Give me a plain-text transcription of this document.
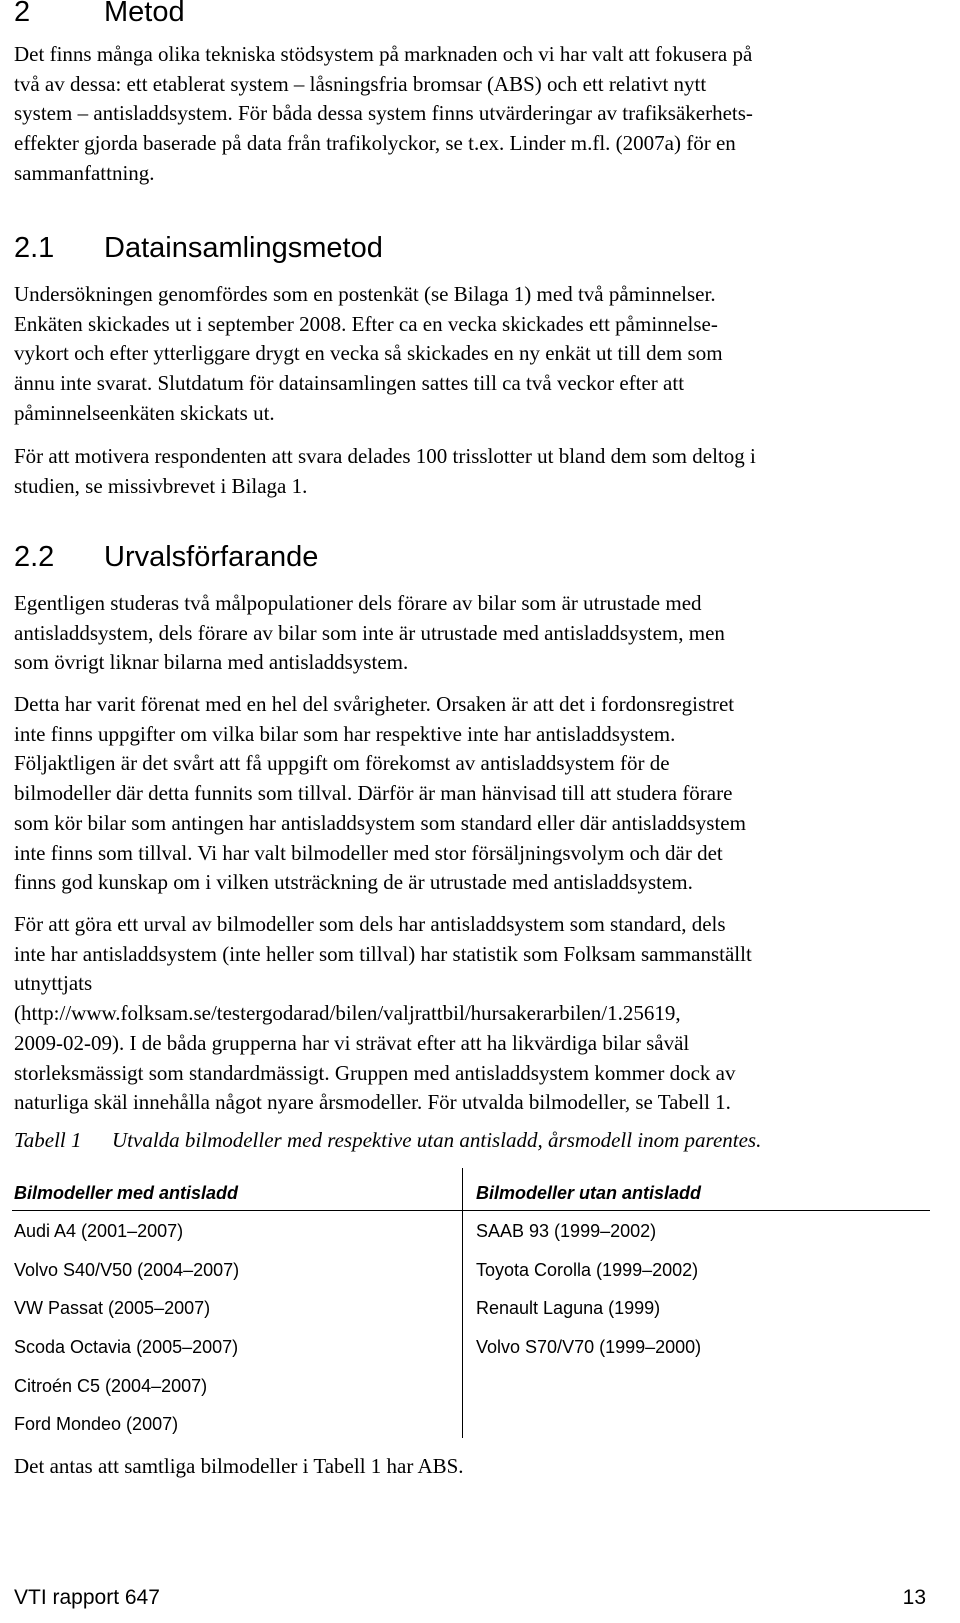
2	Metod

Det finns många olika tekniska stödsystem på marknaden och vi har valt att fokusera på
två av dessa: ett etablerat system – låsningsfria bromsar (ABS) och ett relativt nytt
system – antisladdsystem. För båda dessa system finns utvärderingar av trafiksäkerhets-
effekter gjorda baserade på data från trafikolyckor, se t.ex. Linder m.fl. (2007a) för en
sammanfattning.

2.1 Datainsamlingsmetod

Undersökningen genomfördes som en postenkät (se Bilaga 1) med två påminnelser.
Enkäten skickades ut i september 2008. Efter ca en vecka skickades ett påminnelse-
vykort och efter ytterliggare drygt en vecka så skickades en ny enkät ut till dem som
ännu inte svarat. Slutdatum för datainsamlingen sattes till ca två veckor efter att
påminnelseenkäten skickats ut.

För att motivera respondenten att svara delades 100 trisslotter ut bland dem som deltog i
studien, se missivbrevet i Bilaga 1.

2.2 Urvalsförfarande

Egentligen studeras två målpopulationer dels förare av bilar som är utrustade med
antisladdsystem, dels förare av bilar som inte är utrustade med antisladdsystem, men
som övrigt liknar bilarna med antisladdsystem.

Detta har varit förenat med en hel del svårigheter. Orsaken är att det i fordonsregistret
inte finns uppgifter om vilka bilar som har respektive inte har antisladdsystem.
Följaktligen är det svårt att få uppgift om förekomst av antisladdsystem för de
bilmodeller där detta funnits som tillval. Därför är man hänvisad till att studera förare
som kör bilar som antingen har antisladdsystem som standard eller där antisladdsystem
inte finns som tillval. Vi har valt bilmodeller med stor försäljningsvolym och där det
finns god kunskap om i vilken utsträckning de är utrustade med antisladdsystem.

För att göra ett urval av bilmodeller som dels har antisladdsystem som standard, dels
inte har antisladdsystem (inte heller som tillval) har statistik som Folksam sammanställt
utnyttjats
(http://www.folksam.se/testergodarad/bilen/valjrattbil/hursakerarbilen/1.25619,
2009-02-09). I de båda grupperna har vi strävat efter att ha likvärdiga bilar såväl
storleksmässigt som standardmässigt. Gruppen med antisladdsystem kommer dock av
naturliga skäl innehålla något nyare årsmodeller. För utvalda bilmodeller, se Tabell 1.

Tabell 1 Utvalda bilmodeller med respektive utan antisladd, årsmodell inom parentes.

Bilmodeller med antisladd	Bilmodeller utan antisladd
Audi A4 (2001–2007)	SAAB 93 (1999–2002)
Volvo S40/V50 (2004–2007)	Toyota Corolla (1999–2002)
VW Passat (2005–2007)	Renault Laguna (1999)
Scoda Octavia (2005–2007)	Volvo S70/V70 (1999–2000)
Citroén C5 (2004–2007)
Ford Mondeo (2007)

Det antas att samtliga bilmodeller i Tabell 1 har ABS.

VTI rapport 647	13
